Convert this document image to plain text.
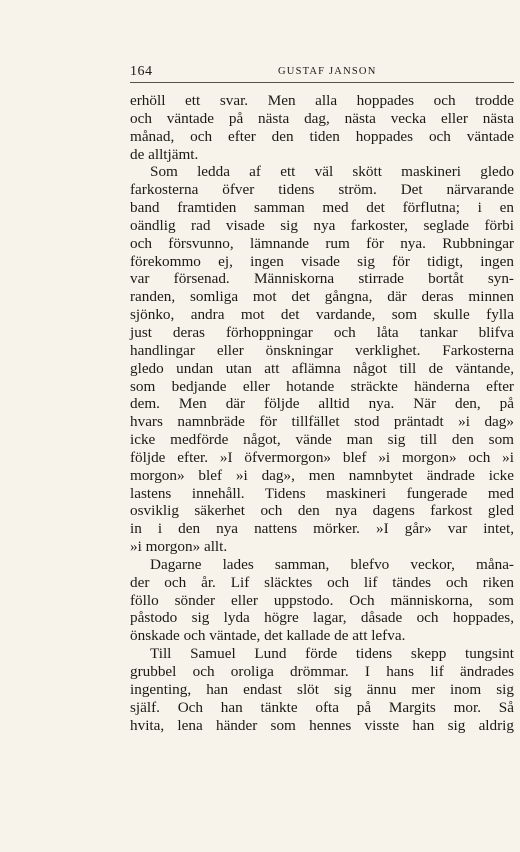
164	GUSTAF JANSON
erhöll ett svar. Men alla hoppades och trodde
och väntade på nästa dag, nästa vecka eller nästa
månad, och efter den tiden hoppades och väntade
de alltjämt.
Som ledda af ett väl skött maskineri gledo
farkosterna öfver tidens ström. Det närvarande
band framtiden samman med det förflutna; i en
oändlig rad visade sig nya farkoster, seglade förbi
och försvunno, lämnande rum för nya. Rubbningar
förekommo ej, ingen visade sig för tidigt, ingen
var försenad. Människorna stirrade bortåt syn-
randen, somliga mot det gångna, där deras minnen
sjönko, andra mot det vardande, som skulle fylla
just deras förhoppningar och låta tankar blifva
handlingar eller önskningar verklighet. Farkosterna
gledo undan utan att aflämna något till de väntande,
som bedjande eller hotande sträckte händerna efter
dem. Men där följde alltid nya. När den, på
hvars namnbräde för tillfället stod präntadt »i dag»
icke medförde något, vände man sig till den som
följde efter. »I öfvermorgon» blef »i morgon» och »i
morgon» blef »i dag», men namnbytet ändrade icke
lastens innehåll. Tidens maskineri fungerade med
osviklig säkerhet och den nya dagens farkost gled
in i den nya nattens mörker. »I går» var intet,
»i morgon» allt.
Dagarne lades samman, blefvo veckor, måna-
der och år. Lif släcktes och lif tändes och riken
föllo sönder eller uppstodo. Och människorna, som
påstodo sig lyda högre lagar, dåsade och hoppades,
önskade och väntade, det kallade de att lefva.
Till Samuel Lund förde tidens skepp tungsint
grubbel och oroliga drömmar. I hans lif ändrades
ingenting, han endast slöt sig ännu mer inom sig
själf. Och han tänkte ofta på Margits mor. Så
hvita, lena händer som hennes visste han sig aldrig
